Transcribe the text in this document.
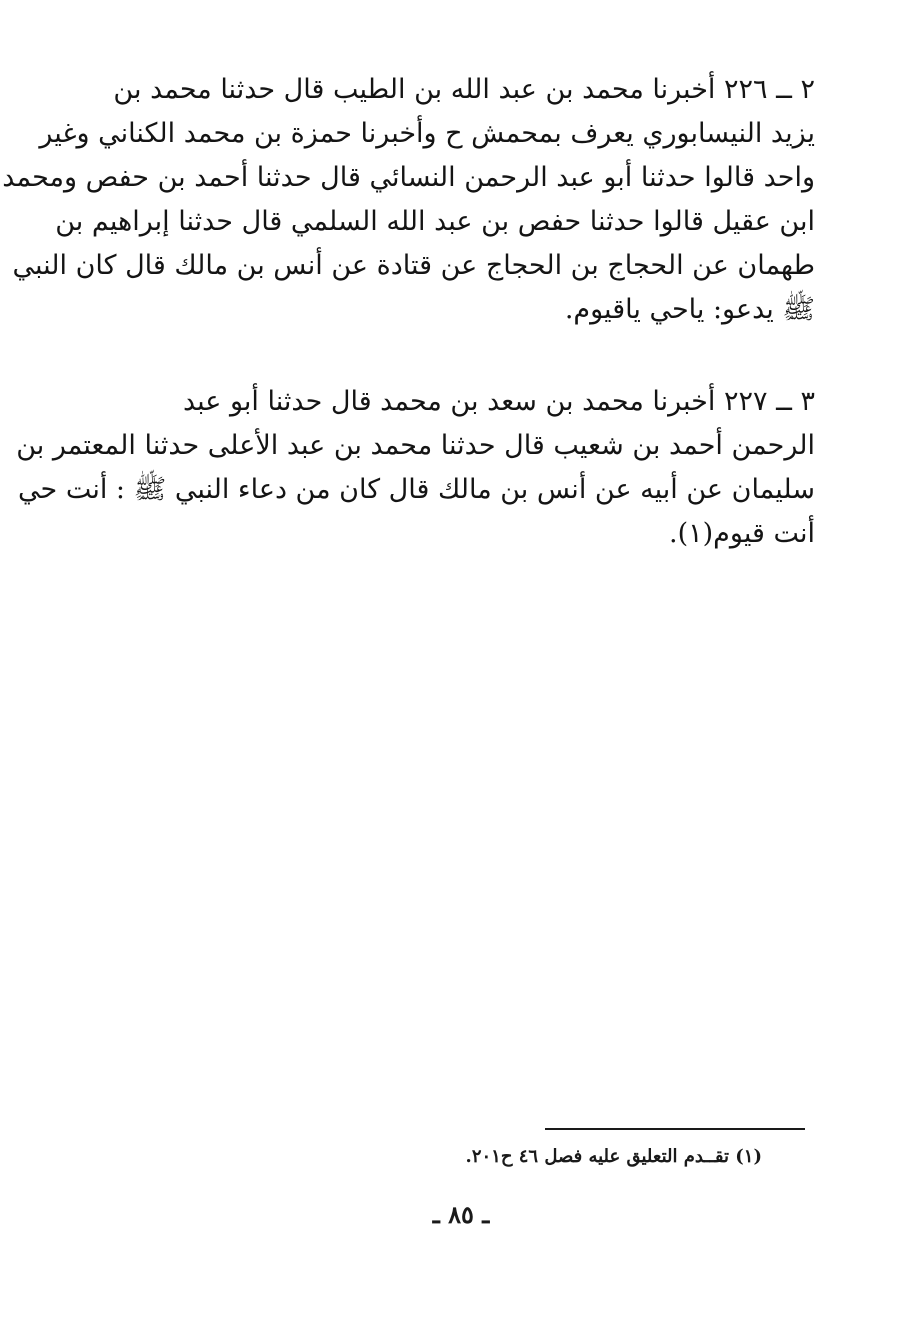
٢ ــ ٢٢٦ أخبرنا محمد بن عبد الله بن الطيب قال حدثنا محمد بن
يزيد النيسابوري يعرف بمحمش ح وأخبرنا حمزة بن محمد الكناني وغير
واحد قالوا حدثنا أبو عبد الرحمن النسائي قال حدثنا أحمد بن حفص ومحمد
ابن عقيل قالوا حدثنا حفص بن عبد الله السلمي قال حدثنا إبراهيم بن
طهمان عن الحجاج بن الحجاج عن قتادة عن أنس بن مالك قال كان النبي
ﷺ يدعو: ياحي ياقيوم.
٣ ــ ٢٢٧ أخبرنا محمد بن سعد بن محمد قال حدثنا أبو عبد
الرحمن أحمد بن شعيب قال حدثنا محمد بن عبد الأعلى حدثنا المعتمر بن
سليمان عن أبيه عن أنس بن مالك قال كان من دعاء النبي ﷺ : أنت حي
أنت قيوم(١).
(١) تقــدم التعليق عليه فصل ٤٦ ح٢٠١.
ـ ٨٥ ـ
